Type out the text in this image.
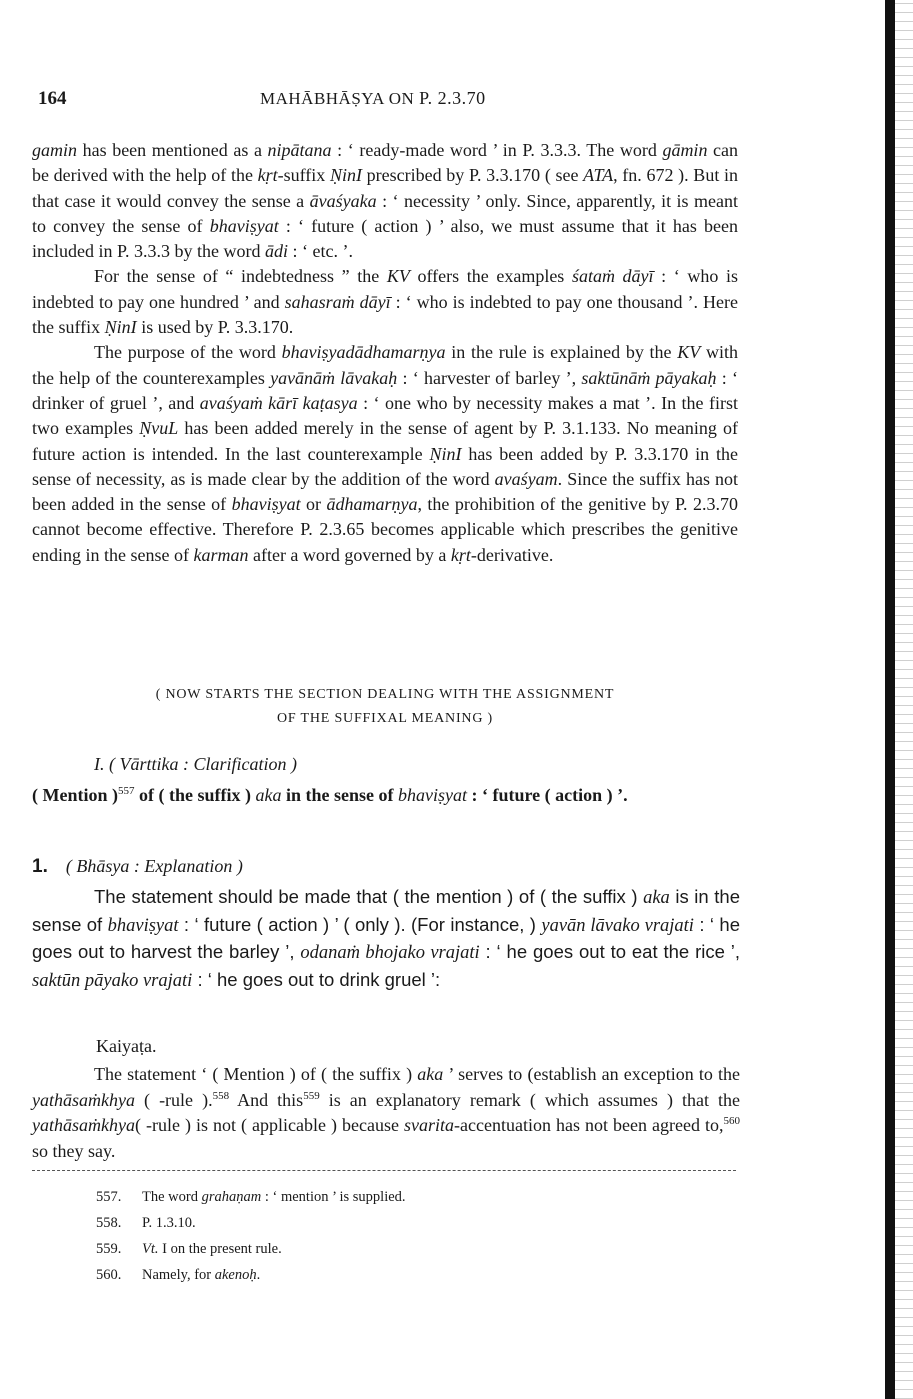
164	MAHĀBHĀṢYA ON P. 2.3.70

gamin has been mentioned as a nipātana : ‘ ready-made word ’ in P. 3.3.3. The word gāmin can be derived with the help of the kṛt-suffix ṆinI prescribed by P. 3.3.170 ( see ATA, fn. 672 ). But in that case it would convey the sense a āvaśyaka : ‘ necessity ’ only. Since, apparently, it is meant to convey the sense of bhaviṣyat : ‘ future ( action ) ’ also, we must assume that it has been included in P. 3.3.3 by the word ādi : ‘ etc. ’.

For the sense of “ indebtedness ” the KV offers the examples śataṁ dāyī : ‘ who is indebted to pay one hundred ’ and sahasraṁ dāyī : ‘ who is indebted to pay one thousand ’. Here the suffix ṆinI is used by P. 3.3.170.

The purpose of the word bhaviṣyadādhamarṇya in the rule is explained by the KV with the help of the counterexamples yavānāṁ lāvakaḥ : ‘ harvester of barley ’, saktūnāṁ pāyakaḥ : ‘ drinker of gruel ’, and avaśyaṁ kārī kaṭasya : ‘ one who by necessity makes a mat ’. In the first two examples ṆvuL has been added merely in the sense of agent by P. 3.1.133. No meaning of future action is intended. In the last counterexample ṆinI has been added by P. 3.3.170 in the sense of necessity, as is made clear by the addition of the word avaśyam. Since the suffix has not been added in the sense of bhaviṣyat or ādhamarṇya, the prohibition of the genitive by P. 2.3.70 cannot become effective. Therefore P. 2.3.65 becomes applicable which prescribes the genitive ending in the sense of karman after a word governed by a kṛt-derivative.

( NOW STARTS THE SECTION DEALING WITH THE ASSIGNMENT
OF THE SUFFIXAL MEANING )
I. ( Vārttika : Clarification )
( Mention )$^{557}$ of ( the suffix ) aka in the sense of bhaviṣyat : ‘ future ( action ) ’.
1. ( Bhāsya : Explanation )

The statement should be made that ( the mention ) of ( the suffix ) aka is in the sense of bhaviṣyat : ‘ future ( action ) ’ ( only ). (For instance, ) yavān lāvako vrajati : ‘ he goes out to harvest the barley ’, odanaṁ bhojako vrajati : ‘ he goes out to eat the rice ’, saktūn pāyako vrajati : ‘ he goes out to drink gruel ’:

Kaiyaṭa.

The statement ‘ ( Mention ) of ( the suffix ) aka ’ serves to (establish an exception to the yathāsaṁkhya ( -rule ).$^{558}$ And this$^{559}$ is an explanatory remark ( which assumes ) that the yathāsaṁkhya( -rule ) is not ( applicable ) because svarita-accentuation has not been agreed to,$^{560}$ so they say.

557. The word grahaṇam : ‘ mention ’ is supplied.
558. P. 1.3.10.
559. Vt. I on the present rule.
560. Namely, for akenoḥ.
